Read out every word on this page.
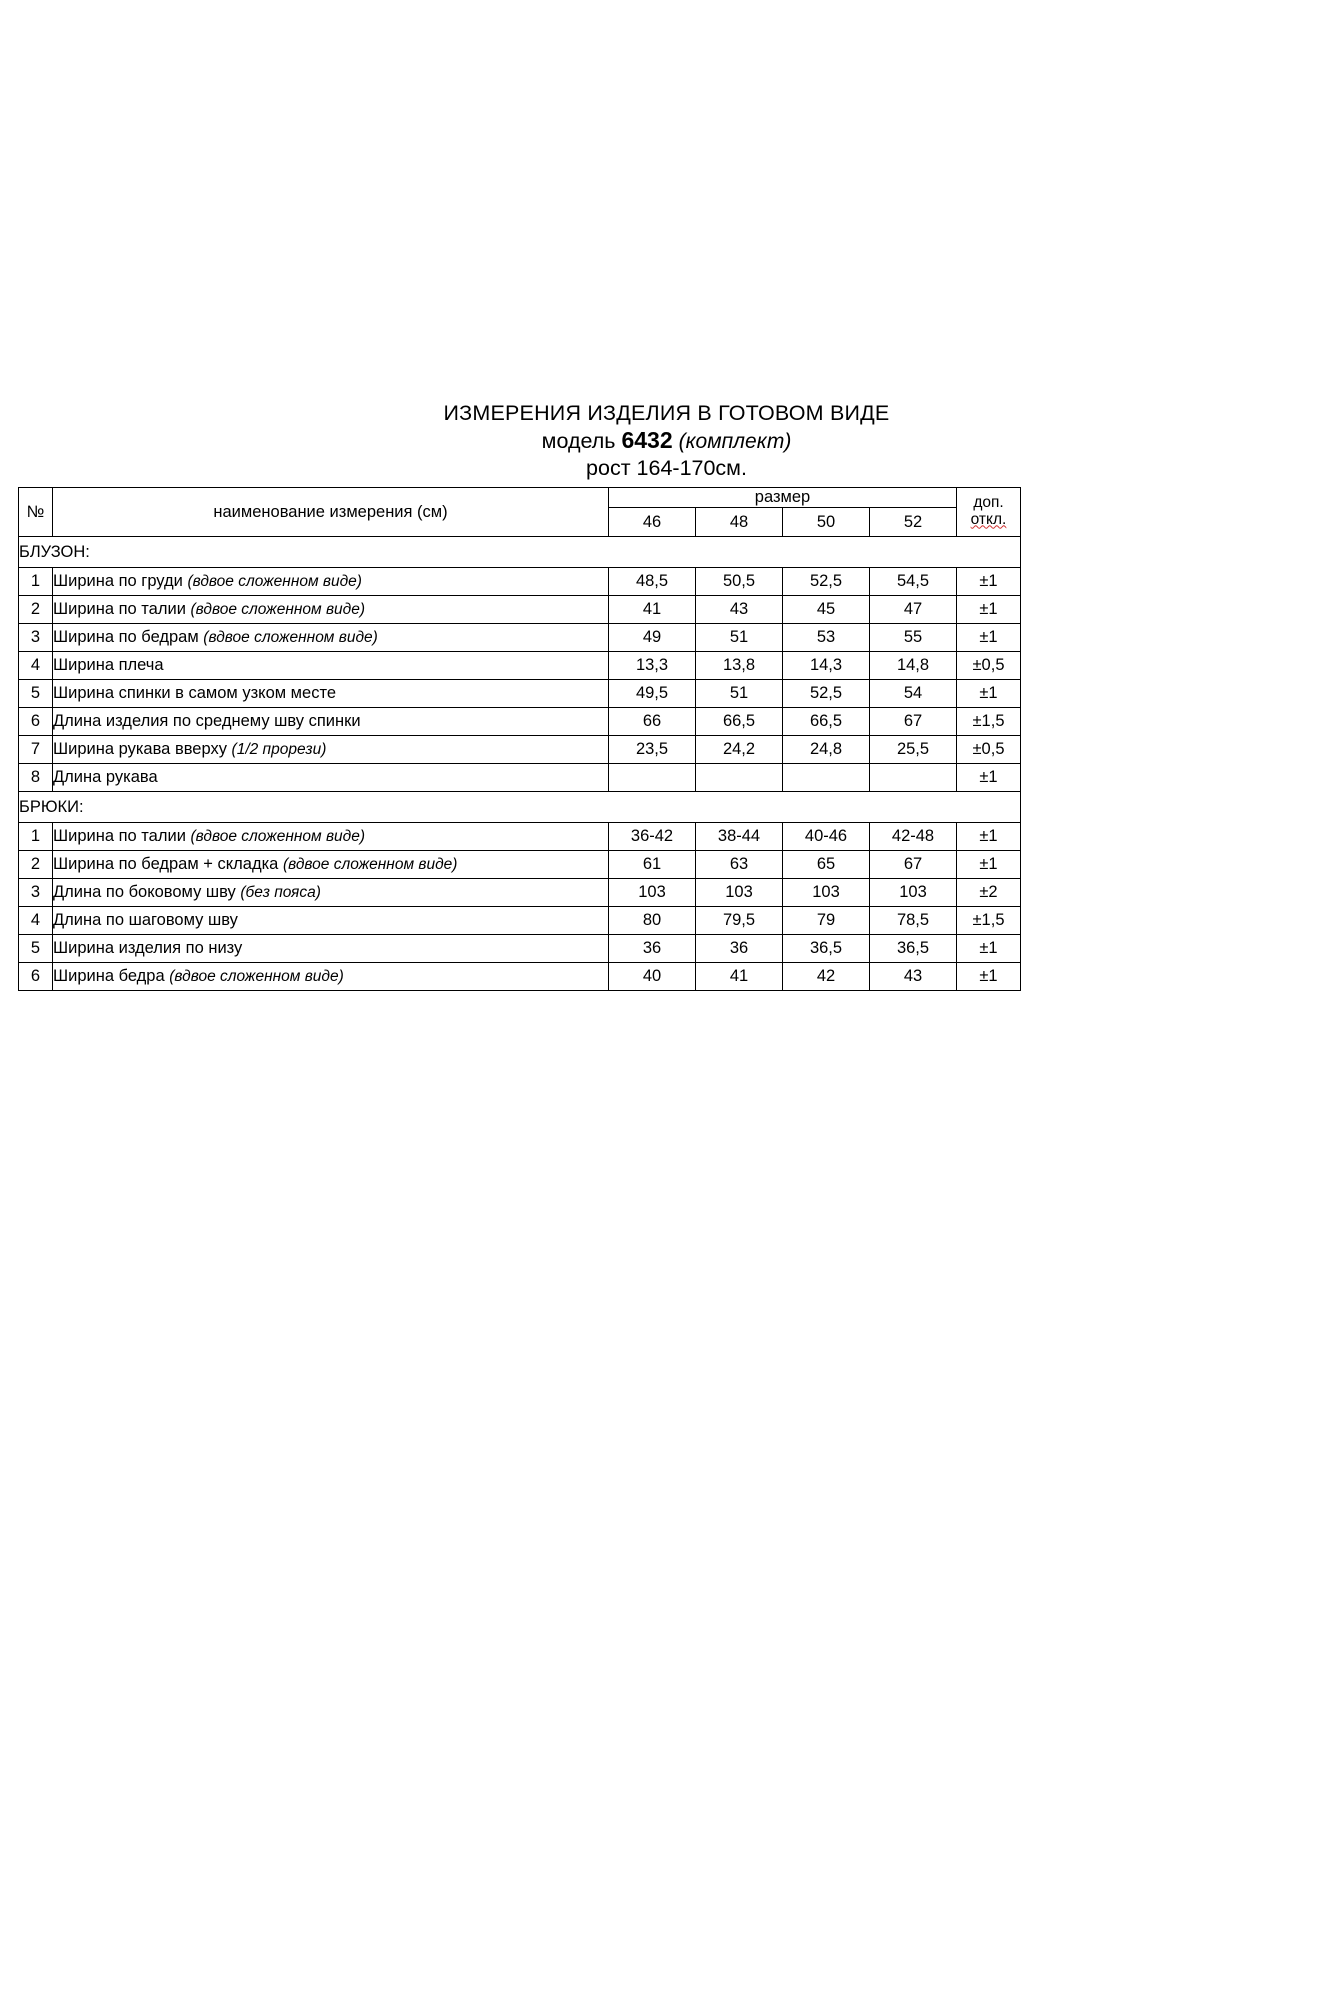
ИЗМЕРЕНИЯ ИЗДЕЛИЯ В ГОТОВОМ ВИДЕ
модель 6432 (комплект)
рост 164-170см.
№	наименование измерения (см)	размер				доп.
откл.

		46	48	50	52	
БЛУЗОН:						
1	Ширина по груди (вдвое сложенном виде)	48,5	50,5	52,5	54,5	±1
2	Ширина по талии (вдвое сложенном виде)	41	43	45	47	±1
3	Ширина по бедрам (вдвое сложенном виде)	49	51	53	55	±1
4	Ширина плеча	13,3	13,8	14,3	14,8	±0,5
5	Ширина спинки в самом узком месте	49,5	51	52,5	54	±1
6	Длина изделия по среднему шву спинки	66	66,5	66,5	67	±1,5
7	Ширина рукава вверху (1/2 прорези)	23,5	24,2	24,8	25,5	±0,5
8	Длина рукава					±1
БРЮКИ:						
1	Ширина по талии (вдвое сложенном виде)	36-42	38-44	40-46	42-48	±1
2	Ширина по бедрам + складка (вдвое сложенном виде)	61	63	65	67	±1
3	Длина по боковому шву (без пояса)	103	103	103	103	±2
4	Длина по шаговому шву	80	79,5	79	78,5	±1,5
5	Ширина изделия по низу	36	36	36,5	36,5	±1
6	Ширина бедра (вдвое сложенном виде)	40	41	42	43	±1
